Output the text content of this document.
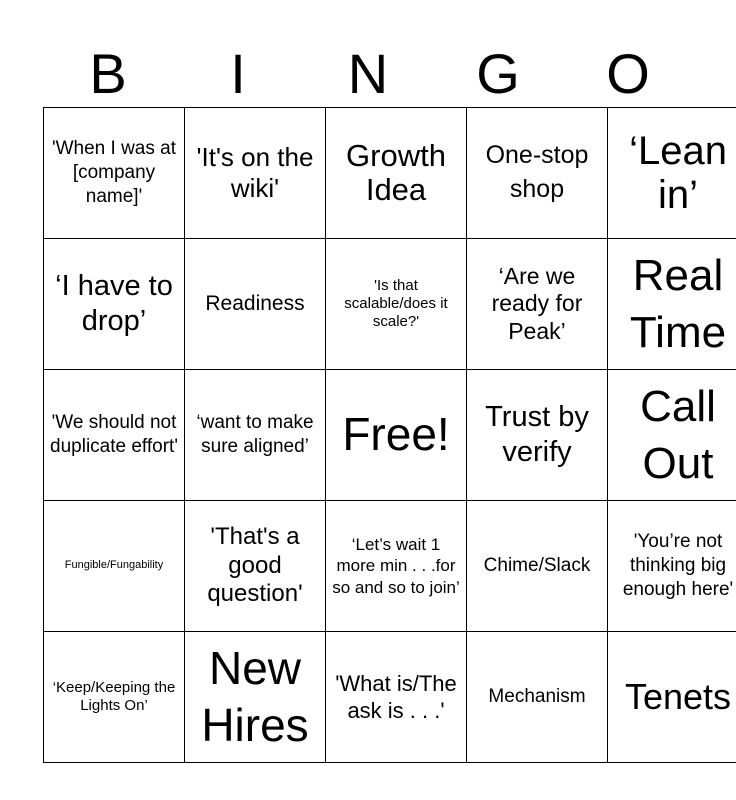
B	I	N	G	O
'When I was at [company name]'	'It's on the wiki'	Growth Idea	One-stop shop	‘Lean in’
‘I have to drop’	Readiness	'Is that scalable/does it scale?'	‘Are we ready for Peak’	Real Time
'We should not duplicate effort'	‘want to make sure aligned’	Free!	Trust by verify	Call Out
Fungible/Fungability	'That's a good question'	‘Let’s wait 1 more min . . .for so and so to join’	Chime/Slack	'You’re not thinking big enough here'
‘Keep/Keeping the Lights On’	New Hires	'What is/The ask is . . .'	Mechanism	Tenets
